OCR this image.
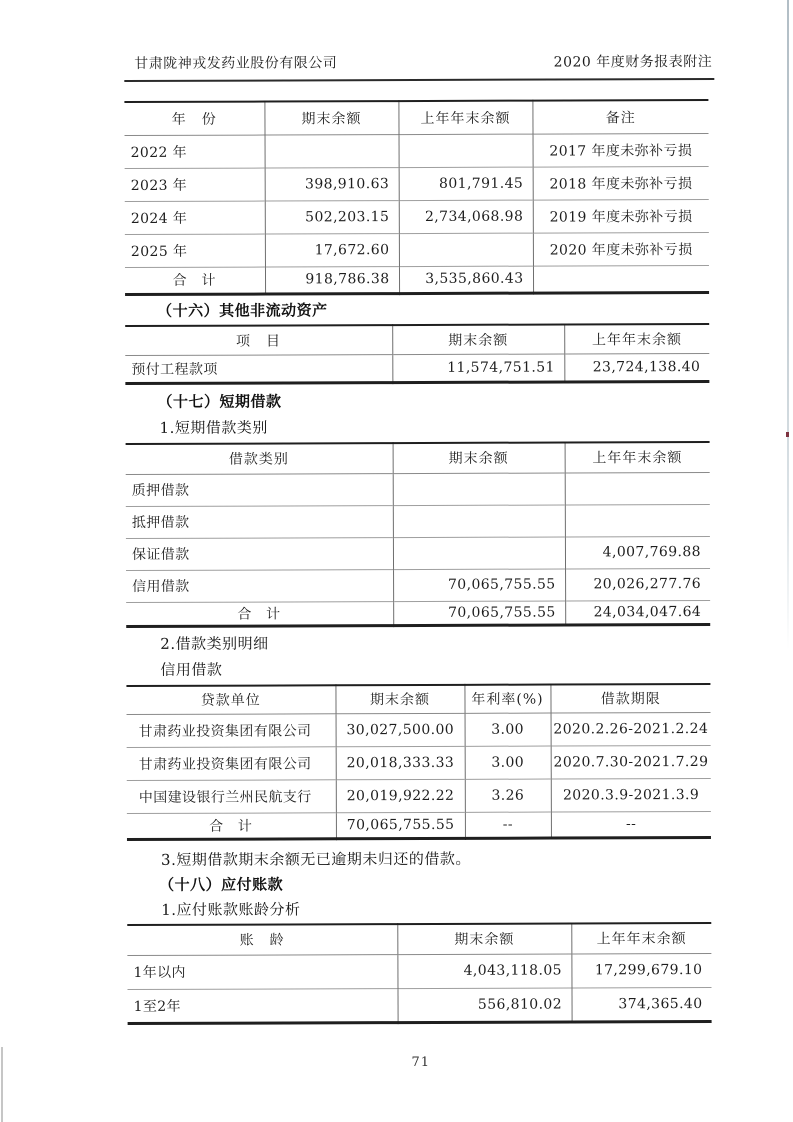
甘肃陇神戎发药业股份有限公司	2020 年度财务报表附注
年　份	期末余额	上年年末余额	备注
2022 年			2017 年度未弥补亏损
2023 年	398,910.63	801,791.45	2018 年度未弥补亏损
2024 年	502,203.15	2,734,068.98	2019 年度未弥补亏损
2025 年	17,672.60		2020 年度未弥补亏损
合　计	918,786.38	3,535,860.43	
（十六）其他非流动资产
项　目	期末余额	上年年末余额
预付工程款项	11,574,751.51	23,724,138.40
（十七）短期借款
1.短期借款类别
借款类别	期末余额	上年年末余额
质押借款		
抵押借款		
保证借款		4,007,769.88
信用借款	70,065,755.55	20,026,277.76
合　计	70,065,755.55	24,034,047.64
2.借款类别明细
信用借款
贷款单位	期末余额	年利率(%)	借款期限
甘肃药业投资集团有限公司	30,027,500.00	3.00	2020.2.26-2021.2.24
甘肃药业投资集团有限公司	20,018,333.33	3.00	2020.7.30-2021.7.29
中国建设银行兰州民航支行	20,019,922.22	3.26	2020.3.9-2021.3.9
合　计	70,065,755.55	--	--
3.短期借款期末余额无已逾期未归还的借款。
（十八）应付账款
1.应付账款账龄分析
账　龄	期末余额	上年年末余额
1年以内	4,043,118.05	17,299,679.10
1至2年	556,810.02	374,365.40
71
